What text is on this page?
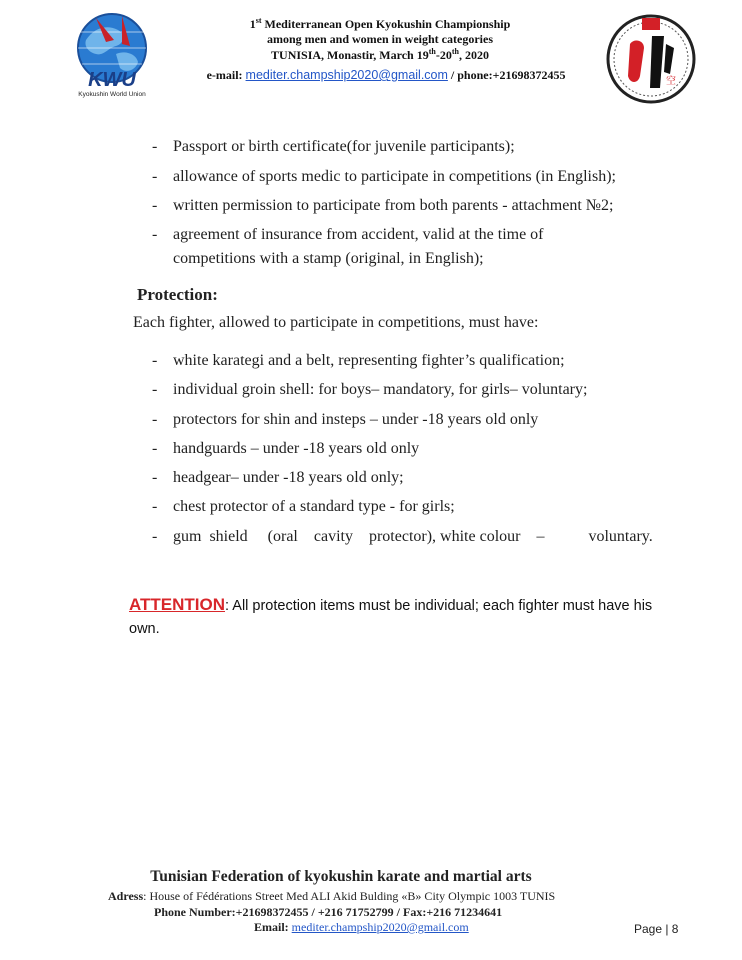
KWU
Kyokushin World Union
空
1st Mediterranean Open Kyokushin Championship
among men and women in weight categories
TUNISIA, Monastir, March 19th-20th, 2020
e-mail: mediter.champship2020@gmail.com / phone:+21698372455
- Passport or birth certificate(for juvenile participants);
- allowance of sports medic to participate in competitions (in English);
- written permission to participate from both parents - attachment №2;
- agreement of insurance from accident, valid at the time of
competitions with a stamp (original, in English);
Protection:
Each fighter, allowed to participate in competitions, must have:
- white karategi and a belt, representing fighter’s qualification;
- individual groin shell: for boys– mandatory, for girls– voluntary;
- protectors for shin and insteps – under -18 years old only
- handguards – under -18 years old only
- headgear– under -18 years old only;
- chest protector of a standard type - for girls;
- gum  shield     (oral    cavity    protector), white colour    –           voluntary.
ATTENTION: All protection items must be individual; each fighter must have his own.
Tunisian Federation of kyokushin karate and martial arts
Adress: House of Fédérations Street Med ALI Akid Bulding «B» City Olympic 1003 TUNIS
Phone Number:+21698372455 / +216 71752799 / Fax:+216 71234641
Email: mediter.champship2020@gmail.com	Page | 8
